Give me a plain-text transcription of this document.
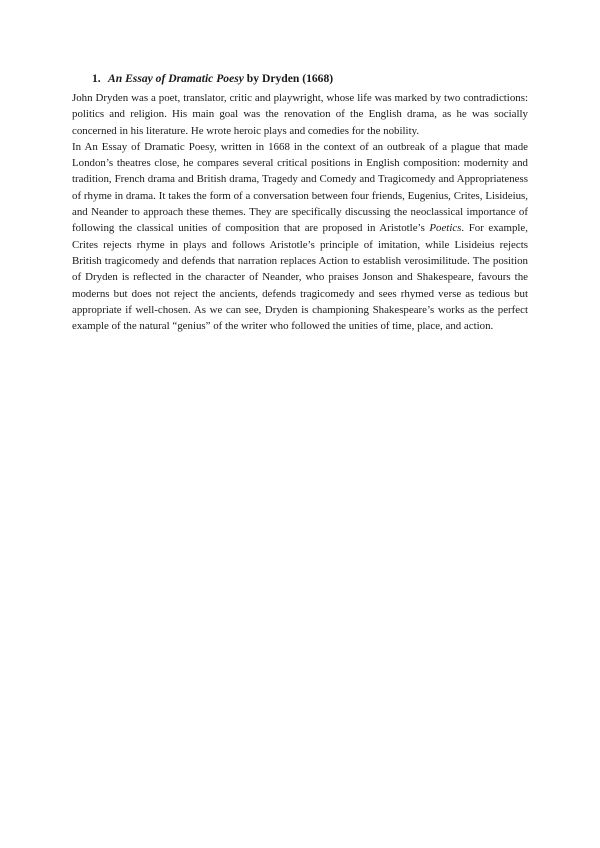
1. An Essay of Dramatic Poesy by Dryden (1668)

John Dryden was a poet, translator, critic and playwright, whose life was marked by two contradictions: politics and religion. His main goal was the renovation of the English drama, as he was socially concerned in his literature. He wrote heroic plays and comedies for the nobility.

In An Essay of Dramatic Poesy, written in 1668 in the context of an outbreak of a plague that made London’s theatres close, he compares several critical positions in English composition: modernity and tradition, French drama and British drama, Tragedy and Comedy and Tragicomedy and Appropriateness of rhyme in drama. It takes the form of a conversation between four friends, Eugenius, Crites, Lisideius, and Neander to approach these themes. They are specifically discussing the neoclassical importance of following the classical unities of composition that are proposed in Aristotle’s Poetics. For example, Crites rejects rhyme in plays and follows Aristotle’s principle of imitation, while Lisideius rejects British tragicomedy and defends that narration replaces Action to establish verosimilitude. The position of Dryden is reflected in the character of Neander, who praises Jonson and Shakespeare, favours the moderns but does not reject the ancients, defends tragicomedy and sees rhymed verse as tedious but appropriate if well-chosen. As we can see, Dryden is championing Shakespeare’s works as the perfect example of the natural “genius” of the writer who followed the unities of time, place, and action.
